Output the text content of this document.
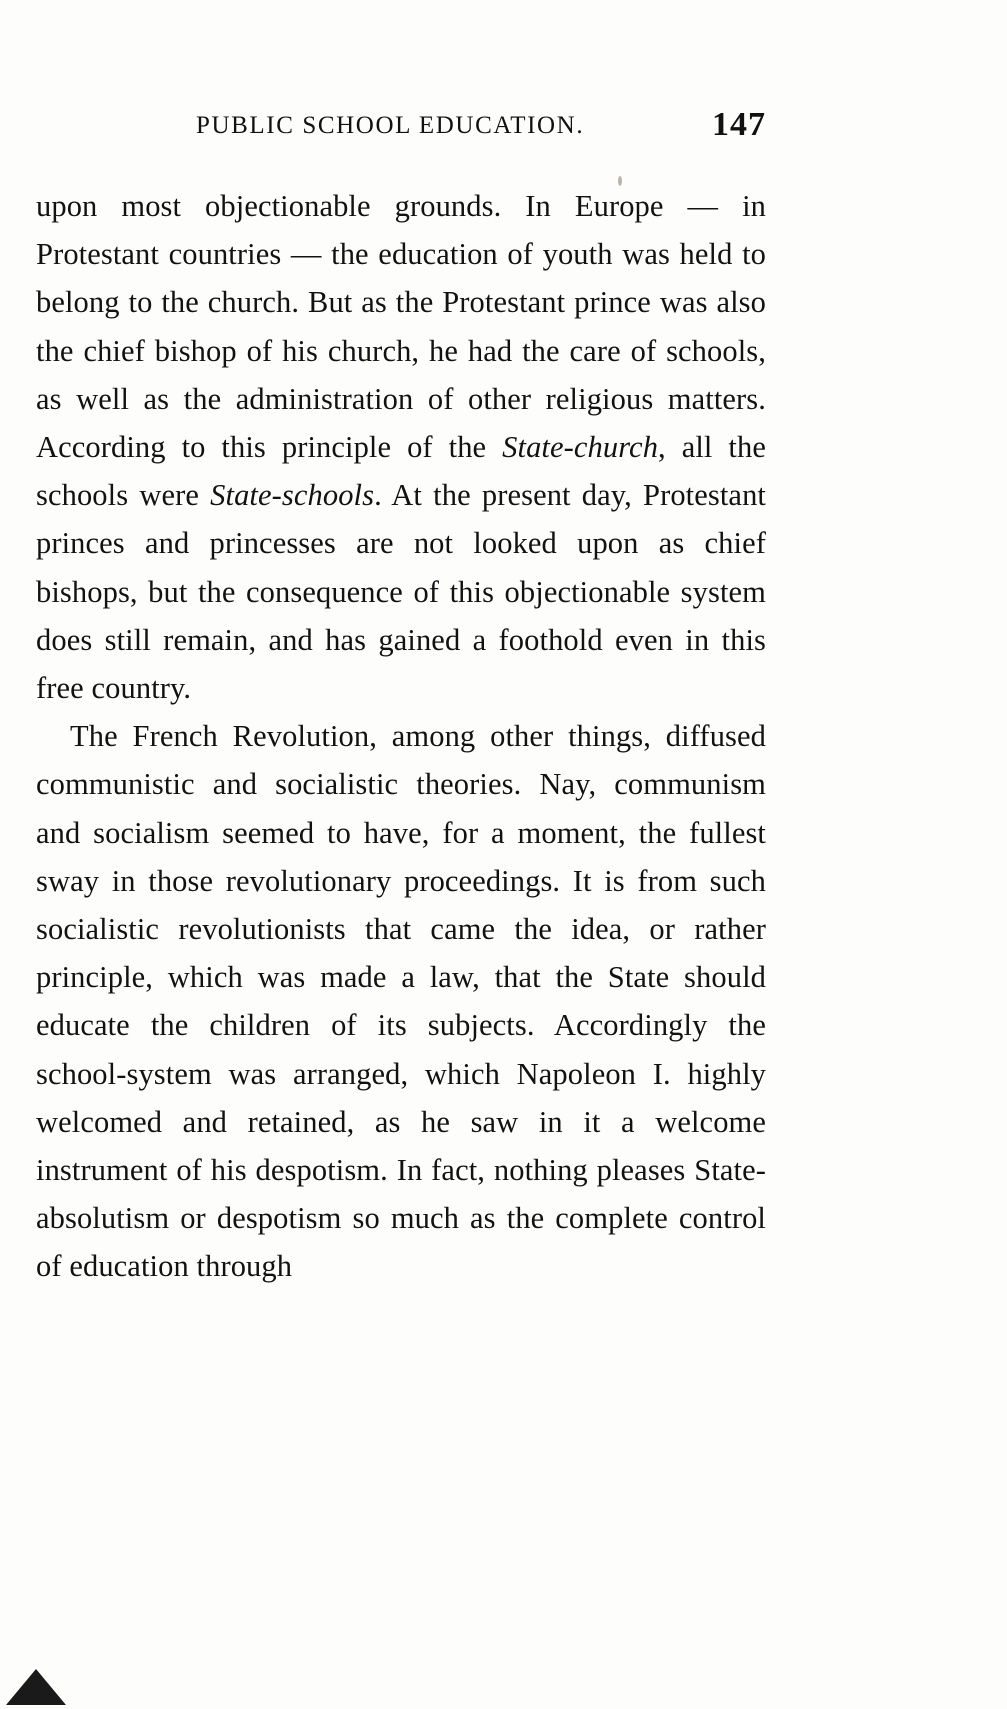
PUBLIC SCHOOL EDUCATION.	147

upon most objectionable grounds. In Europe — in Protestant countries — the education of youth was held to belong to the church. But as the Protestant prince was also the chief bishop of his church, he had the care of schools, as well as the administration of other religious matters. According to this principle of the State-church, all the schools were State-schools. At the present day, Protestant princes and princesses are not looked upon as chief bishops, but the consequence of this objectionable system does still remain, and has gained a foothold even in this free country.

The French Revolution, among other things, diffused communistic and socialistic theories. Nay, communism and socialism seemed to have, for a moment, the fullest sway in those revolutionary proceedings. It is from such socialistic revolutionists that came the idea, or rather principle, which was made a law, that the State should educate the children of its subjects. Accordingly the school-system was arranged, which Napoleon I. highly welcomed and retained, as he saw in it a welcome instrument of his despotism. In fact, nothing pleases State-absolutism or despotism so much as the complete control of education through
